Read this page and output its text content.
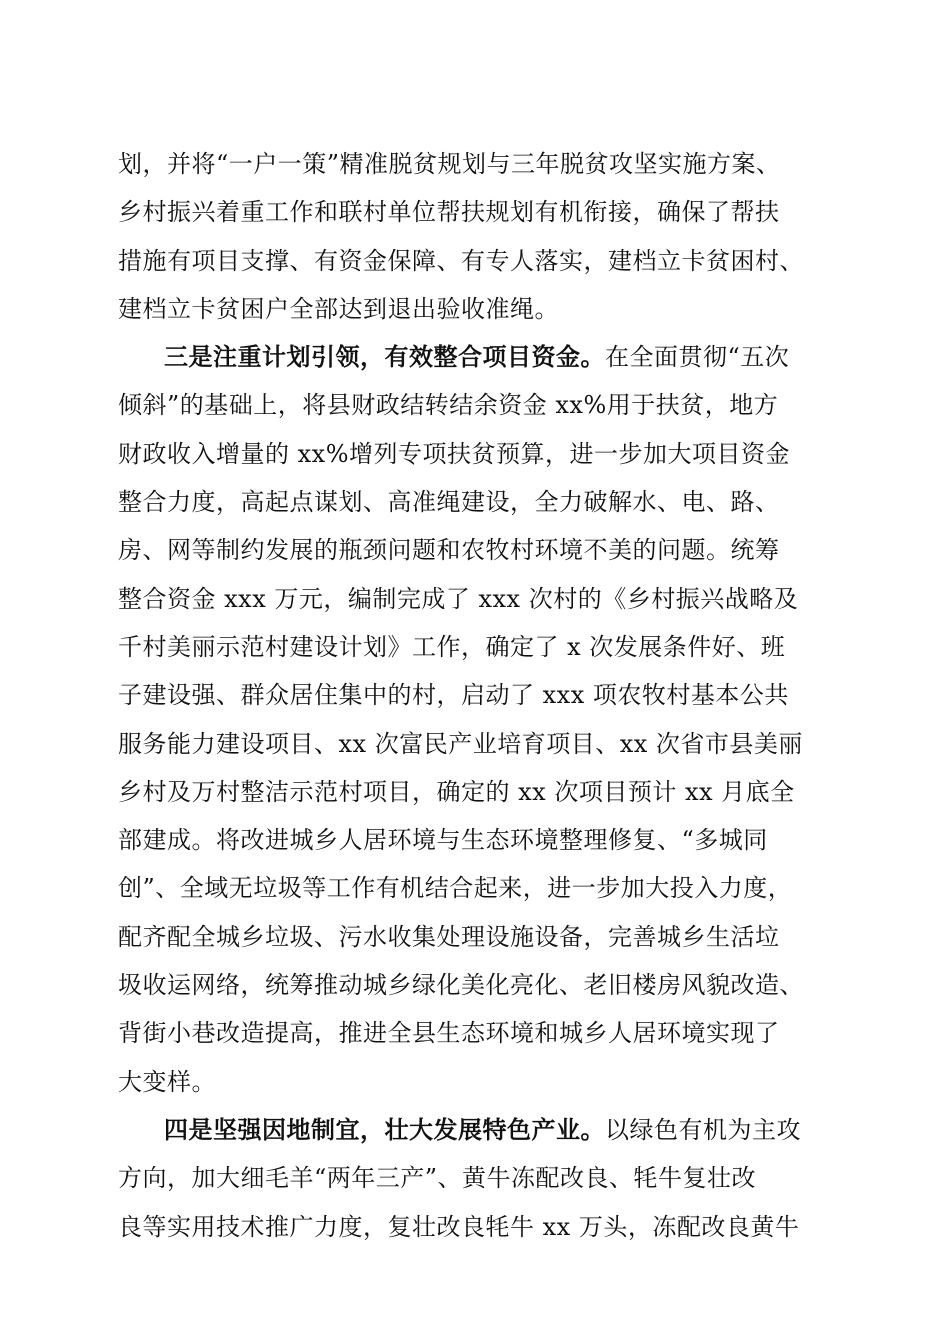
划，并将“一户一策”精准脱贫规划与三年脱贫攻坚实施方案、
乡村振兴着重工作和联村单位帮扶规划有机衔接，确保了帮扶
措施有项目支撑、有资金保障、有专人落实，建档立卡贫困村、
建档立卡贫困户全部达到退出验收准绳。
三是注重计划引领，有效整合项目资金。在全面贯彻“五次
倾斜”的基础上，将县财政结转结余资金 xx%用于扶贫，地方
财政收入增量的 xx%增列专项扶贫预算，进一步加大项目资金
整合力度，高起点谋划、高准绳建设，全力破解水、电、路、
房、网等制约发展的瓶颈问题和农牧村环境不美的问题。统筹
整合资金 xxx 万元，编制完成了 xxx 次村的《乡村振兴战略及
千村美丽示范村建设计划》工作，确定了 x 次发展条件好、班
子建设强、群众居住集中的村，启动了 xxx 项农牧村基本公共
服务能力建设项目、xx 次富民产业培育项目、xx 次省市县美丽
乡村及万村整洁示范村项目，确定的 xx 次项目预计 xx 月底全
部建成。将改进城乡人居环境与生态环境整理修复、“多城同
创”、全域无垃圾等工作有机结合起来，进一步加大投入力度，
配齐配全城乡垃圾、污水收集处理设施设备，完善城乡生活垃
圾收运网络，统筹推动城乡绿化美化亮化、老旧楼房风貌改造、
背街小巷改造提高，推进全县生态环境和城乡人居环境实现了
大变样。
四是坚强因地制宜，壮大发展特色产业。以绿色有机为主攻
方向，加大细毛羊“两年三产”、黄牛冻配改良、牦牛复壮改
良等实用技术推广力度，复壮改良牦牛 xx 万头，冻配改良黄牛
